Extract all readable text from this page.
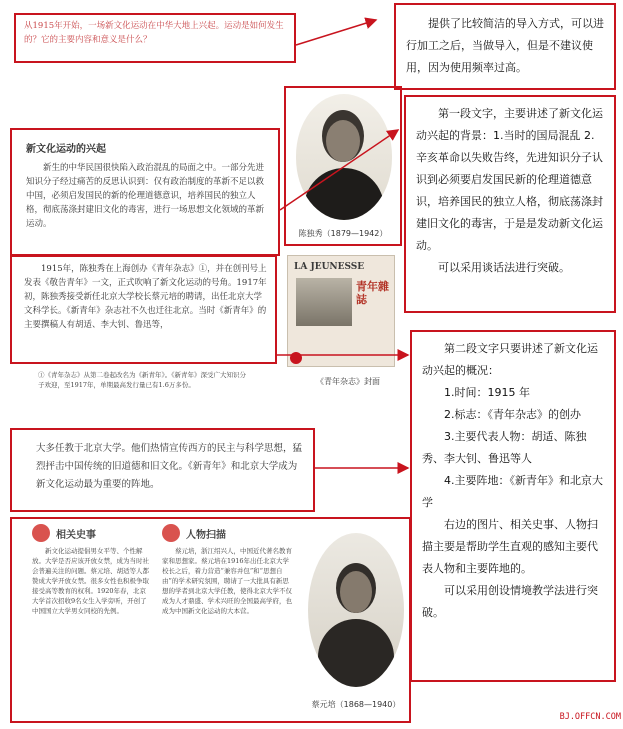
从1915年开始，一场新文化运动在中华大地上兴起。运动是如何发生的？它的主要内容和意义是什么？

提供了比较简洁的导入方式，可以进行加工之后，当做导入，但是不建议使用，因为使用频率过高。

陈独秀（1879—1942）
新文化运动的兴起
新生的中华民国很快陷入政治混乱的局面之中。一部分先进知识分子经过痛苦的反思认识到：仅有政治制度的革新不足以救中国，必须启发国民的新的伦理道德意识，培养国民的独立人格，彻底荡涤封建旧文化的毒害，进行一场思想文化领域的革新运动。

第一段文字，主要讲述了新文化运动兴起的背景：1.当时的国局混乱 2.辛亥革命以失败告终，先进知识分子认识到必须要启发国民新的伦理道德意识，培养国民的独立人格，彻底荡涤封建旧文化的毒害，于是是发动新文化运动。

可以采用谈话法进行突破。

1915年，陈独秀在上海创办《青年杂志》①，并在创刊号上发表《敬告青年》一文，正式吹响了新文化运动的号角。1917年初，陈独秀接受新任北京大学校长蔡元培的聘请，出任北京大学文科学长。《新青年》杂志社不久也迁往北京。当时《新青年》的主要撰稿人有胡适、李大钊、鲁迅等，
LA JEUNESSE
青年雜誌
《青年杂志》封面
①《青年杂志》从第二卷起改名为《新青年》。《新青年》深受广大知识分子欢迎，至1917年，单期最高发行量已有1.6万多份。
大多任教于北京大学。他们热情宣传西方的民主与科学思想，猛烈抨击中国传统的旧道德和旧文化。《新青年》和北京大学成为新文化运动最为重要的阵地。

第二段文字只要讲述了新文化运动兴起的概况：

1.时间：1915 年

2.标志：《青年杂志》的创办

3.主要代表人物：胡适、陈独秀、李大钊、鲁迅等人

4.主要阵地：《新青年》和北京大学

右边的图片、相关史事、人物扫描主要是帮助学生直观的感知主要代表人物和主要阵地的。

可以采用创设情境教学法进行突破。

相关史事
新文化运动提倡男女平等、个性解放。大学是否应该开放女禁，成为当时社会普遍关注的问题。蔡元培、胡适等人都赞成大学开放女禁。很多女性也积极争取接受高等教育的权利。1920年春，北京大学首次招收9名女生入学旁听，开创了中国国立大学男女同校的先例。
人物扫描
蔡元培，浙江绍兴人，中国近代著名教育家和思想家。蔡元培在1916年出任北京大学校长之后，着力营造“兼容并包”和“思想自由”的学术研究氛围，聘请了一大批具有新思想的学者到北京大学任教，使得北京大学不仅成为人才鼎盛、学术兴旺的全国最高学府，也成为中国新文化运动的大本营。
蔡元培（1868—1940）
BJ.OFFCN.COM
